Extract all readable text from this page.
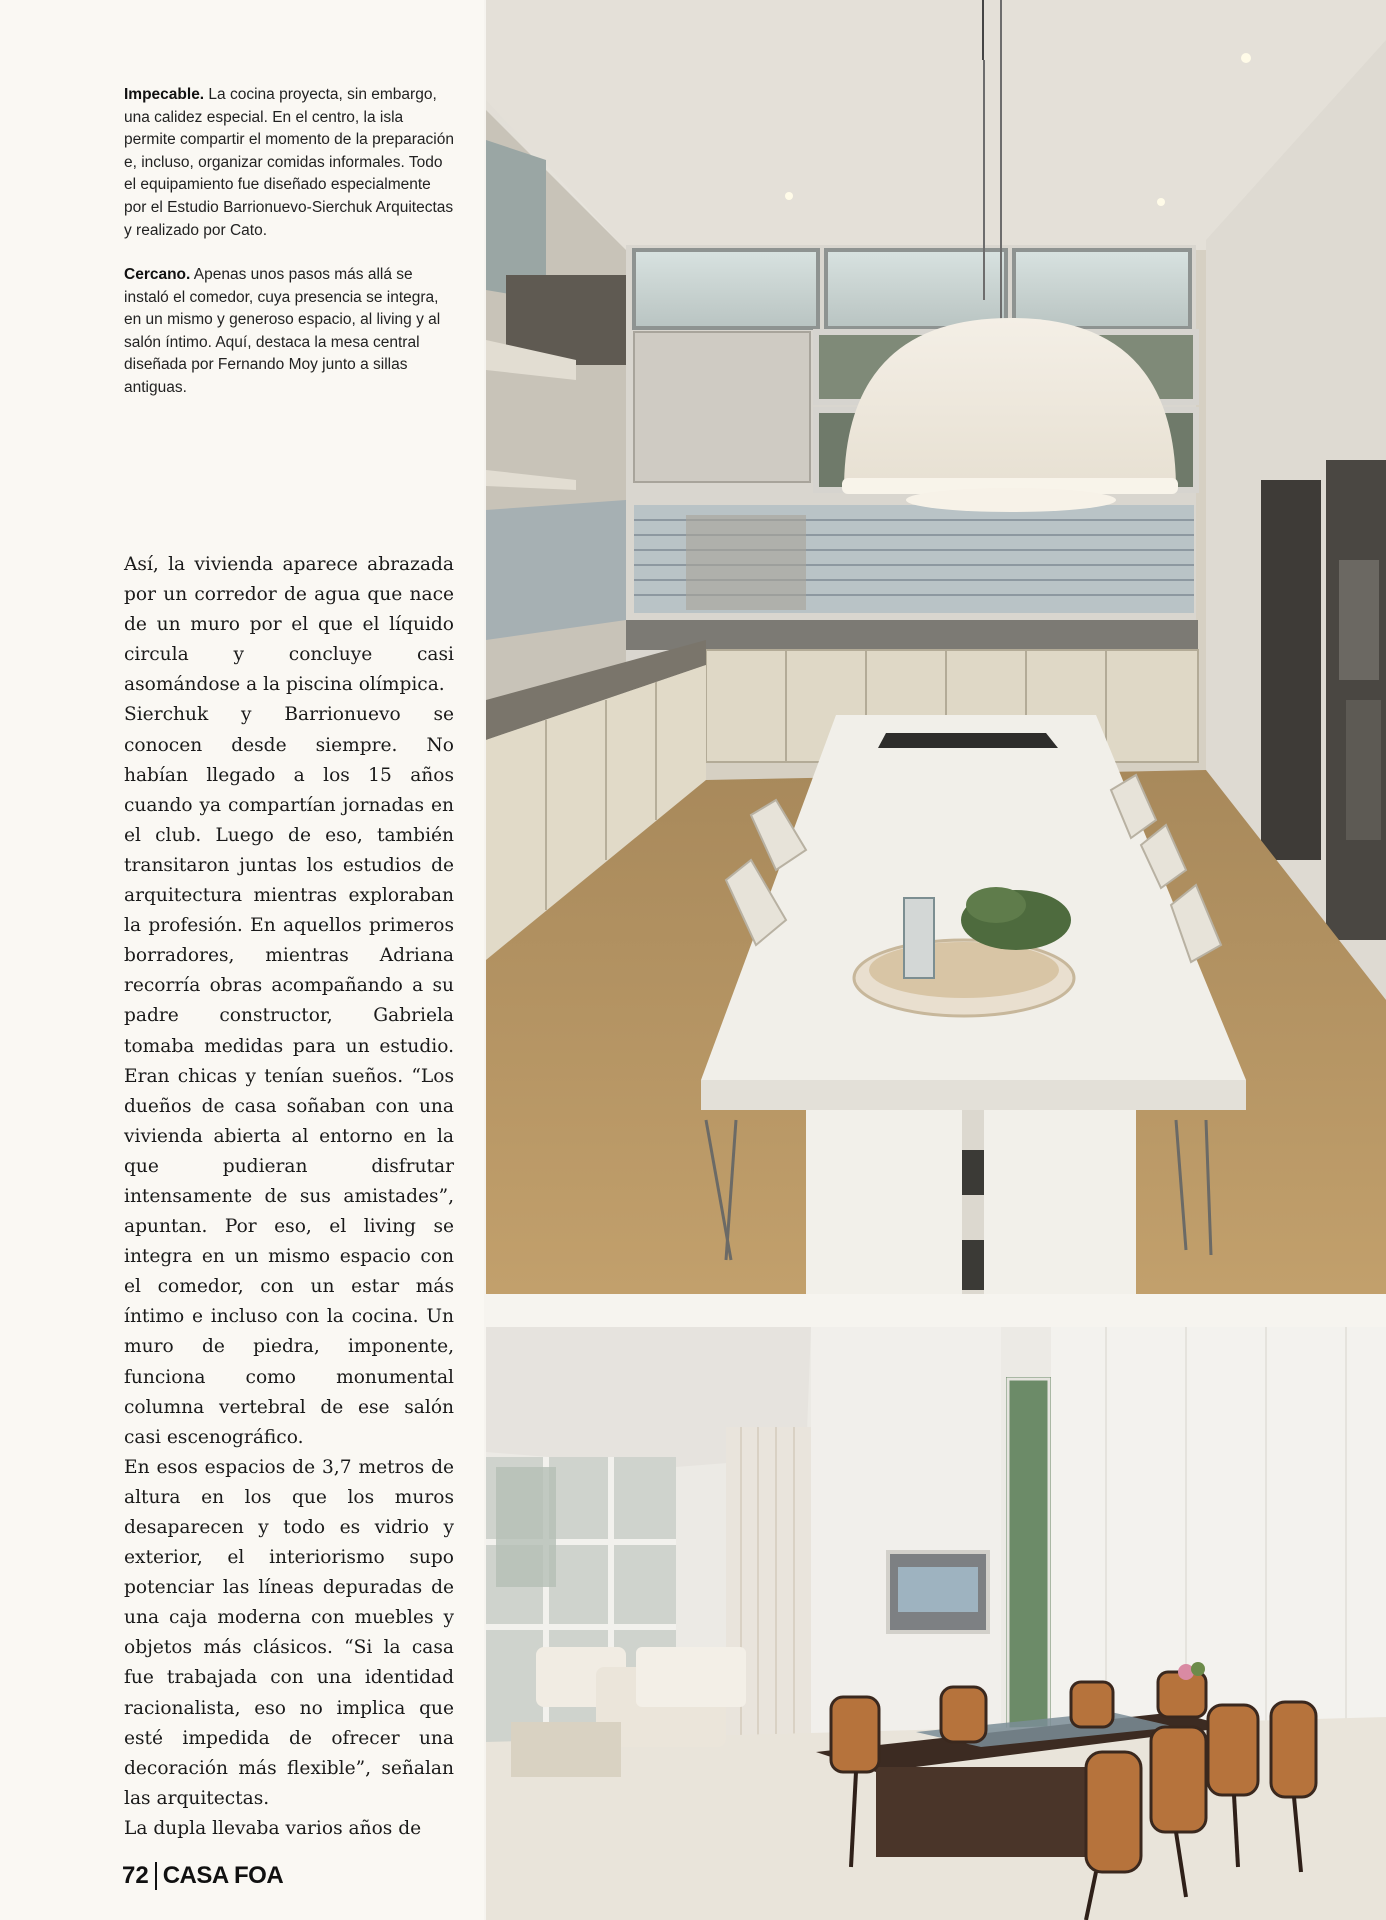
Impecable. La cocina proyecta, sin embargo, una calidez especial. En el centro, la isla permite compartir el momento de la preparación e, incluso, organizar comidas informales. Todo el equipamiento fue diseñado especialmente por el Estudio Barrionuevo-Sierchuk Arquitectas y realizado por Cato.
Cercano. Apenas unos pasos más allá se instaló el comedor, cuya presencia se integra, en un mismo y generoso espacio, al living y al salón íntimo. Aquí, destaca la mesa central diseñada por Fernando Moy junto a sillas antiguas.

Así, la vivienda aparece abrazada por un corredor de agua que nace de un muro por el que el líquido circula y concluye casi asomándose a la piscina olímpica.

Sierchuk y Barrionuevo se conocen desde siempre. No habían llegado a los 15 años cuando ya compartían jornadas en el club. Luego de eso, también transitaron juntas los estudios de arquitectura mientras exploraban la profesión. En aquellos primeros borradores, mientras Adriana recorría obras acompañando a su padre constructor, Gabriela tomaba medidas para un estudio. Eran chicas y tenían sueños. “Los dueños de casa soñaban con una vivienda abierta al entorno en la que pudieran disfrutar intensamente de sus amistades”, apuntan. Por eso, el living se integra en un mismo espacio con el comedor, con un estar más íntimo e incluso con la cocina. Un muro de piedra, imponente, funciona como monumental columna vertebral de ese salón casi escenográfico.

En esos espacios de 3,7 metros de altura en los que los muros desaparecen y todo es vidrio y exterior, el interiorismo supo potenciar las líneas depuradas de una caja moderna con muebles y objetos más clásicos. “Si la casa fue trabajada con una identidad racionalista, eso no implica que esté impedida de ofrecer una decoración más flexible”, señalan las arquitectas.

La dupla llevaba varios años de

72 CASA FOA
